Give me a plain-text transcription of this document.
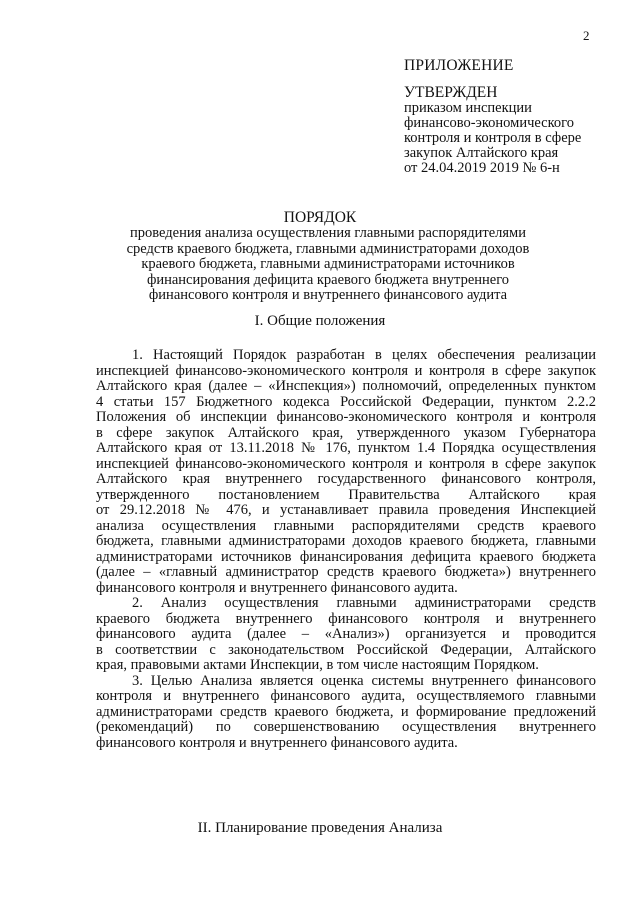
2
ПРИЛОЖЕНИЕ
УТВЕРЖДЕН
приказом инспекции
финансово-экономического
контроля и контроля в сфере
закупок Алтайского края
от 24.04.2019 2019 № 6-н
ПОРЯДОК
проведения анализа осуществления главными распорядителями
средств краевого бюджета, главными администраторами доходов
краевого бюджета, главными администраторами источников
финансирования дефицита краевого бюджета внутреннего
финансового контроля и внутреннего финансового аудита
I. Общие положения

1. Настоящий Порядок разработан в целях обеспечения реализации
инспекцией финансово-экономического контроля и контроля в сфере закупок
Алтайского края (далее – «Инспекция») полномочий, определенных пунктом
4 статьи 157 Бюджетного кодекса Российской Федерации, пунктом 2.2.2
Положения об инспекции финансово-экономического контроля и контроля
в сфере закупок Алтайского края, утвержденного указом Губернатора
Алтайского края от 13.11.2018 № 176, пунктом 1.4 Порядка осуществления
инспекцией финансово-экономического контроля и контроля в сфере закупок
Алтайского края внутреннего государственного финансового контроля,
утвержденного постановлением Правительства Алтайского края
от 29.12.2018 № 476, и устанавливает правила проведения Инспекцией
анализа осуществления главными распорядителями средств краевого
бюджета, главными администраторами доходов краевого бюджета, главными
администраторами источников финансирования дефицита краевого бюджета
(далее – «главный администратор средств краевого бюджета») внутреннего
финансового контроля и внутреннего финансового аудита.

2. Анализ осуществления главными администраторами средств
краевого бюджета внутреннего финансового контроля и внутреннего
финансового аудита (далее – «Анализ») организуется и проводится
в соответствии с законодательством Российской Федерации, Алтайского
края, правовыми актами Инспекции, в том числе настоящим Порядком.

3. Целью Анализа является оценка системы внутреннего финансового
контроля и внутреннего финансового аудита, осуществляемого главными
администраторами средств краевого бюджета, и формирование предложений
(рекомендаций) по совершенствованию осуществления внутреннего
финансового контроля и внутреннего финансового аудита.

II. Планирование проведения Анализа
